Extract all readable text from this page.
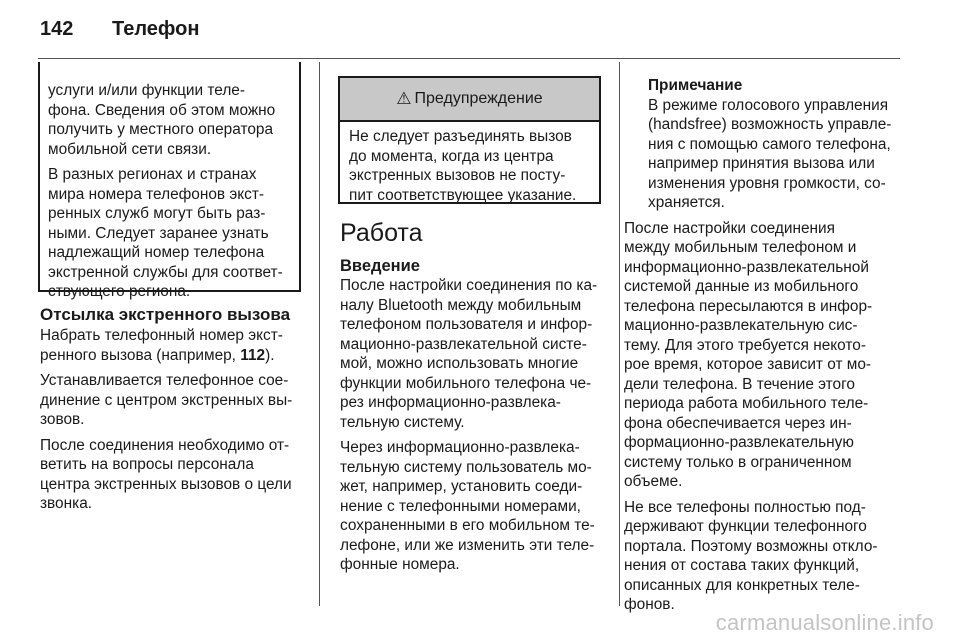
142	Телефон

услуги и/или функции теле-
фона. Сведения об этом можно
получить у местного оператора
мобильной сети связи.

В разных регионах и странах
мира номера телефонов экст-
ренных служб могут быть раз-
ными. Следует заранее узнать
надлежащий номер телефона
экстренной службы для соответ-
ствующего региона.

Отсылка экстренного вызова

Набрать телефонный номер экст-
ренного вызова (например, 112).

Устанавливается телефонное сое-
динение с центром экстренных вы-
зовов.

После соединения необходимо от-
ветить на вопросы персонала
центра экстренных вызовов о цели
звонка.

⚠ Предупреждение

Не следует разъединять вызов
до момента, когда из центра
экстренных вызовов не посту-
пит соответствующее указание.

Работа
Введение

После настройки соединения по ка-
налу Bluetooth между мобильным
телефоном пользователя и инфор-
мационно-развлекательной систе-
мой, можно использовать многие
функции мобильного телефона че-
рез информационно-развлека-
тельную систему.

Через информационно-развлека-
тельную систему пользователь мо-
жет, например, установить соеди-
нение с телефонными номерами,
сохраненными в его мобильном те-
лефоне, или же изменить эти теле-
фонные номера.

Примечание

В режиме голосового управления
(handsfree) возможность управле-
ния с помощью самого телефона,
например принятия вызова или
изменения уровня громкости, со-
храняется.

После настройки соединения
между мобильным телефоном и
информационно-развлекательной
системой данные из мобильного
телефона пересылаются в инфор-
мационно-развлекательную сис-
тему. Для этого требуется некото-
рое время, которое зависит от мо-
дели телефона. В течение этого
периода работа мобильного теле-
фона обеспечивается через ин-
формационно-развлекательную
систему только в ограниченном
объеме.

Не все телефоны полностью под-
держивают функции телефонного
портала. Поэтому возможны откло-
нения от состава таких функций,
описанных для конкретных теле-
фонов.

carmanualsonline.info
